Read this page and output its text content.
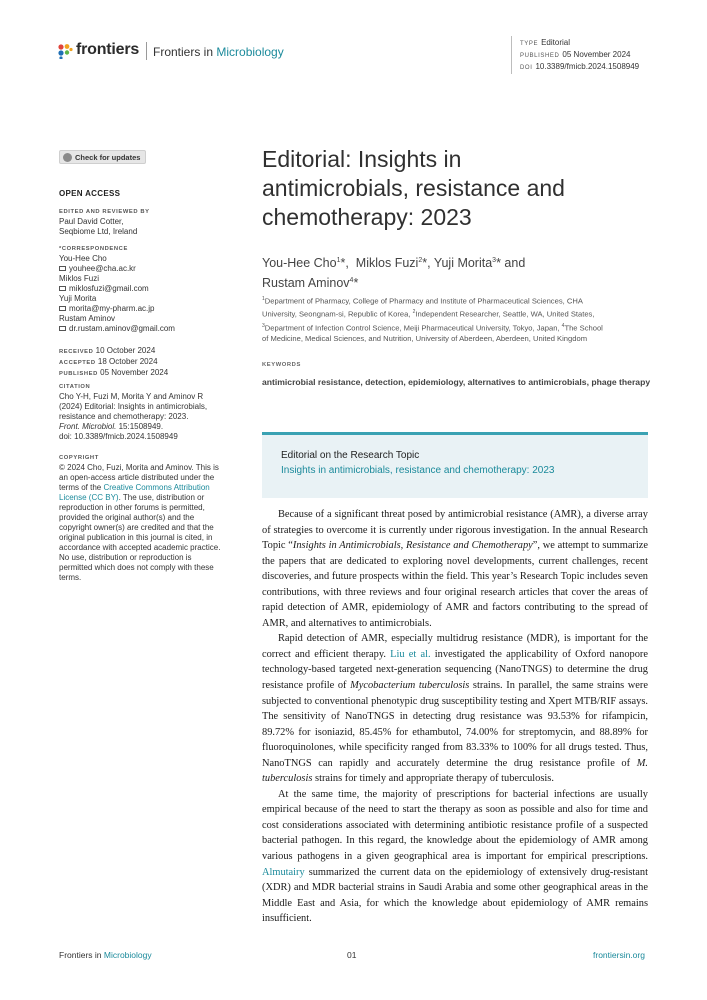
frontiers Frontiers in Microbiology
TYPE Editorial
PUBLISHED 05 November 2024
DOI 10.3389/fmicb.2024.1508949
Check for updates
OPEN ACCESS
EDITED AND REVIEWED BY
Paul David Cotter,
Seqbiome Ltd, Ireland
*CORRESPONDENCE
You-Hee Cho
youhee@cha.ac.kr
Miklos Fuzi
miklosfuzi@gmail.com
Yuji Morita
morita@my-pharm.ac.jp
Rustam Aminov
dr.rustam.aminov@gmail.com
RECEIVED 10 October 2024
ACCEPTED 18 October 2024
PUBLISHED 05 November 2024
CITATION
Cho Y-H, Fuzi M, Morita Y and Aminov R
(2024) Editorial: Insights in antimicrobials,
resistance and chemotherapy: 2023.
Front. Microbiol. 15:1508949.
doi: 10.3389/fmicb.2024.1508949
COPYRIGHT
© 2024 Cho, Fuzi, Morita and Aminov. This is
an open-access article distributed under the
terms of the Creative Commons Attribution
License (CC BY). The use, distribution or
reproduction in other forums is permitted,
provided the original author(s) and the
copyright owner(s) are credited and that the
original publication in this journal is cited, in
accordance with accepted academic practice.
No use, distribution or reproduction is
permitted which does not comply with these
terms.
Editorial: Insights in
antimicrobials, resistance and
chemotherapy: 2023
You-Hee Cho$^1$*,  Miklos Fuzi$^2$*, Yuji Morita$^3$* and
Rustam Aminov$^4$*
$^1$Department of Pharmacy, College of Pharmacy and Institute of Pharmaceutical Sciences, CHA
University, Seongnam-si, Republic of Korea, $^2$Independent Researcher, Seattle, WA, United States,
$^3$Department of Infection Control Science, Meiji Pharmaceutical University, Tokyo, Japan, $^4$The School
of Medicine, Medical Sciences, and Nutrition, University of Aberdeen, Aberdeen, United Kingdom
KEYWORDS
antimicrobial resistance, detection, epidemiology, alternatives to antimicrobials, phage therapy
Editorial on the Research Topic
Insights in antimicrobials, resistance and chemotherapy: 2023

Because of a significant threat posed by antimicrobial resistance (AMR), a diverse array of strategies to overcome it is currently under rigorous investigation. In the annual Research Topic “Insights in Antimicrobials, Resistance and Chemotherapy”, we attempt to summarize the papers that are dedicated to exploring novel developments, current challenges, recent discoveries, and future prospects within the field. This year’s Research Topic includes seven contributions, with three reviews and four original research articles that cover the areas of rapid detection of AMR, epidemiology of AMR and factors contributing to the spread of AMR, and alternatives to antimicrobials.

Rapid detection of AMR, especially multidrug resistance (MDR), is important for the correct and efficient therapy. Liu et al. investigated the applicability of Oxford nanopore technology-based targeted next-generation sequencing (NanoTNGS) to determine the drug resistance profile of Mycobacterium tuberculosis strains. In parallel, the same strains were subjected to conventional phenotypic drug susceptibility testing and Xpert MTB/RIF assays. The sensitivity of NanoTNGS in detecting drug resistance was 93.53% for rifampicin, 89.72% for isoniazid, 85.45% for ethambutol, 74.00% for streptomycin, and 88.89% for fluoroquinolones, while specificity ranged from 83.33% to 100% for all drugs tested. Thus, NanoTNGS can rapidly and accurately determine the drug resistance profile of M. tuberculosis strains for timely and appropriate therapy of tuberculosis.

At the same time, the majority of prescriptions for bacterial infections are usually empirical because of the need to start the therapy as soon as possible and also for time and cost considerations associated with determining antibiotic resistance profile of a suspected bacterial pathogen. In this regard, the knowledge about the epidemiology of AMR among various pathogens in a given geographical area is important for empirical prescriptions. Almutairy summarized the current data on the epidemiology of extensively drug-resistant (XDR) and MDR bacterial strains in Saudi Arabia and some other geographical areas in the Middle East and Asia, for which the knowledge about epidemiology of AMR remains insufficient.

Frontiers in Microbiology	01	frontiersin.org
